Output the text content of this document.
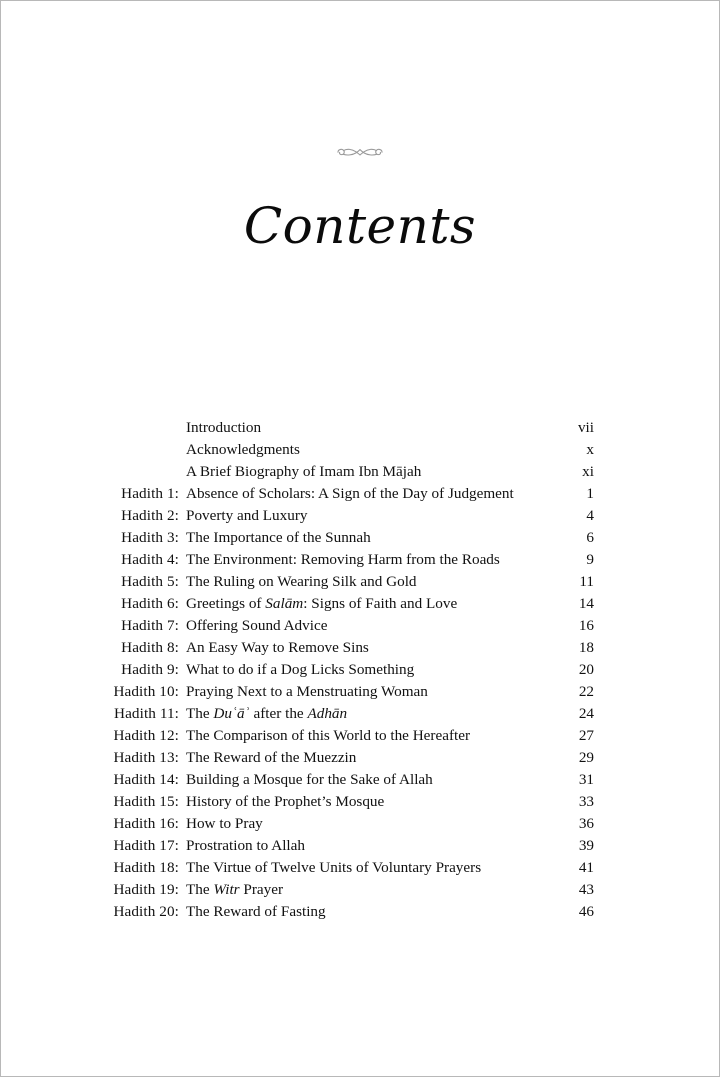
Contents
	Introduction	vii
	Acknowledgments	x
	A Brief Biography of Imam Ibn Mājah	xi
Hadith 1:	Absence of Scholars: A Sign of the Day of Judgement	1
Hadith 2:	Poverty and Luxury	4
Hadith 3:	The Importance of the Sunnah	6
Hadith 4:	The Environment: Removing Harm from the Roads	9
Hadith 5:	The Ruling on Wearing Silk and Gold	11
Hadith 6:	Greetings of Salām: Signs of Faith and Love	14
Hadith 7:	Offering Sound Advice	16
Hadith 8:	An Easy Way to Remove Sins	18
Hadith 9:	What to do if a Dog Licks Something	20
Hadith 10:	Praying Next to a Menstruating Woman	22
Hadith 11:	The Duʿāʾ after the Adhān	24
Hadith 12:	The Comparison of this World to the Hereafter	27
Hadith 13:	The Reward of the Muezzin	29
Hadith 14:	Building a Mosque for the Sake of Allah	31
Hadith 15:	History of the Prophet’s Mosque	33
Hadith 16:	How to Pray	36
Hadith 17:	Prostration to Allah	39
Hadith 18:	The Virtue of Twelve Units of Voluntary Prayers	41
Hadith 19:	The Witr Prayer	43
Hadith 20:	The Reward of Fasting	46
